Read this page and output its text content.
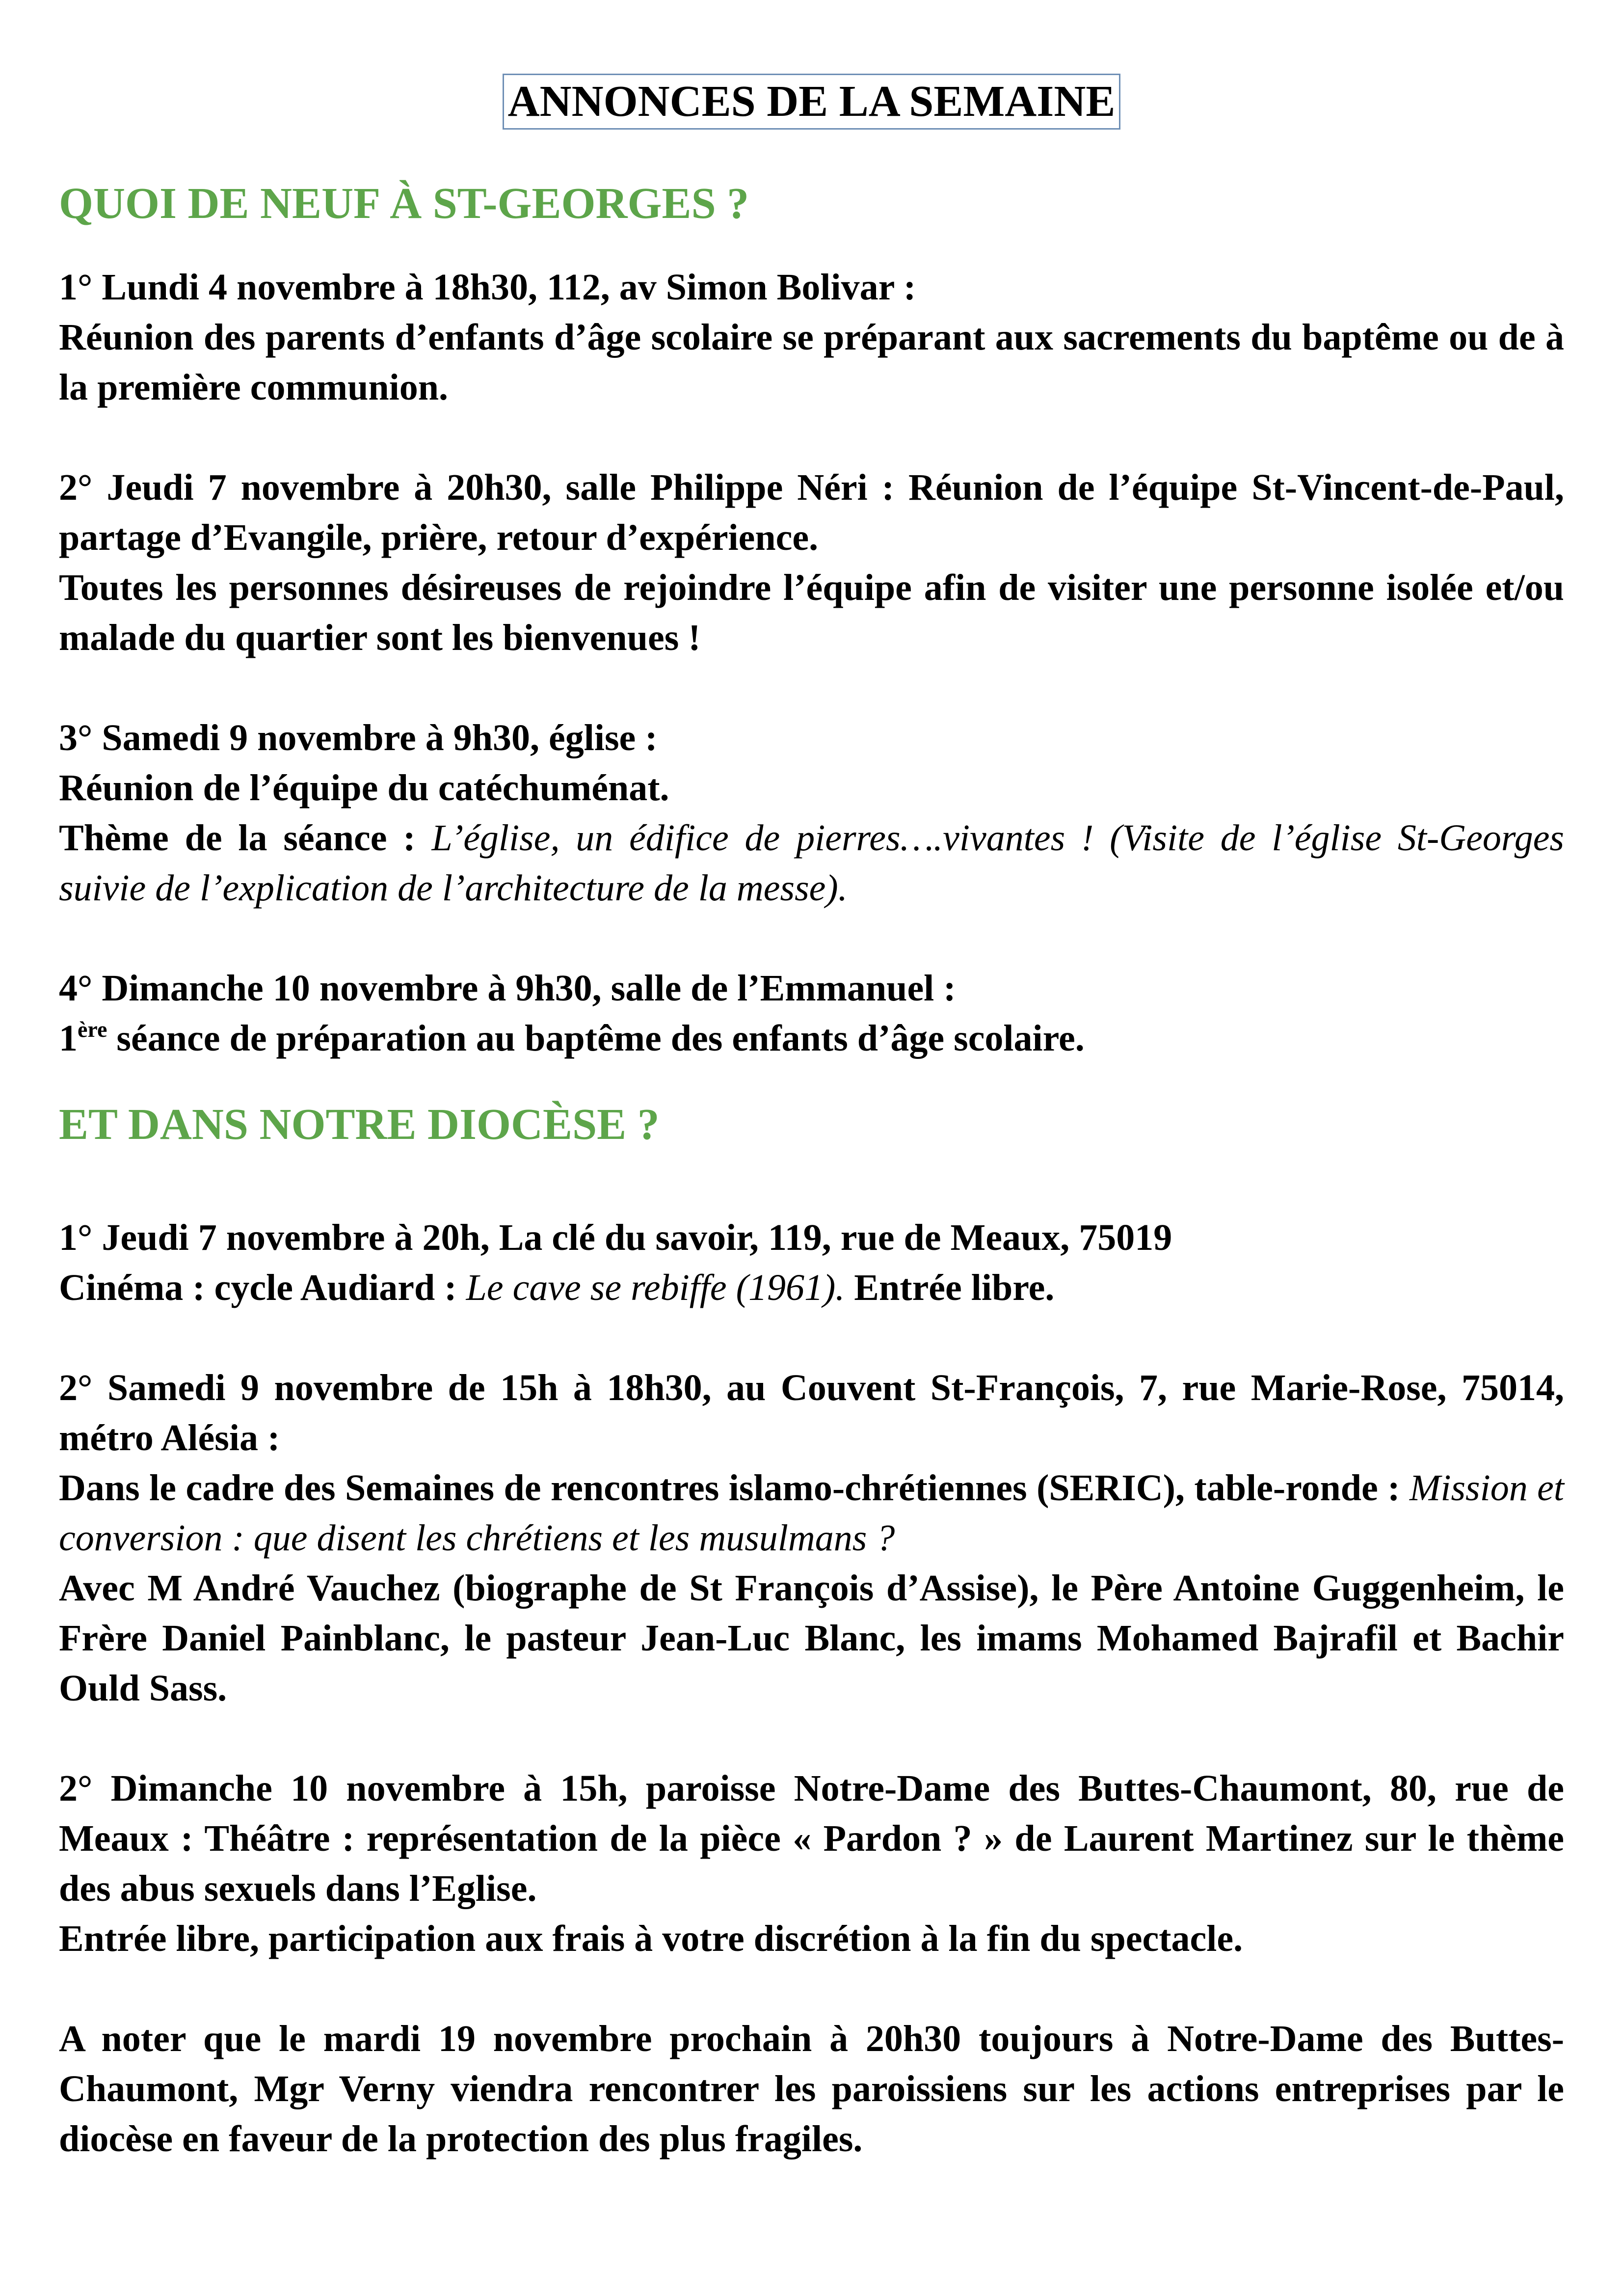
ANNONCES DE LA SEMAINE
QUOI DE NEUF À ST-GEORGES ?

1° Lundi 4 novembre à 18h30, 112, av Simon Bolivar :

Réunion des parents d’enfants d’âge scolaire se préparant aux sacrements du baptême ou de à la première communion.

2° Jeudi 7 novembre à 20h30, salle Philippe Néri : Réunion de l’équipe St-Vincent-de-Paul, partage d’Evangile, prière, retour d’expérience.

Toutes les personnes désireuses de rejoindre l’équipe afin de visiter une personne isolée et/ou malade du quartier sont les bienvenues !

3° Samedi 9 novembre à 9h30, église :

Réunion de l’équipe du catéchuménat.

Thème de la séance : L’église, un édifice de pierres….vivantes ! (Visite de l’église St-Georges suivie de l’explication de l’architecture de la messe).

4° Dimanche 10 novembre à 9h30, salle de l’Emmanuel :

1ère séance de préparation au baptême des enfants d’âge scolaire.

ET DANS NOTRE DIOCÈSE ?

1° Jeudi 7 novembre à 20h, La clé du savoir, 119, rue de Meaux, 75019

Cinéma : cycle Audiard : Le cave se rebiffe (1961). Entrée libre.

2° Samedi 9 novembre de 15h à 18h30, au Couvent St-François, 7, rue Marie-Rose, 75014, métro Alésia :

Dans le cadre des Semaines de rencontres islamo-chrétiennes (SERIC), table-ronde : Mission et conversion : que disent les chrétiens et les musulmans ?

Avec M André Vauchez (biographe de St François d’Assise), le Père Antoine Guggenheim, le Frère Daniel Painblanc, le pasteur Jean-Luc Blanc, les imams Mohamed Bajrafil et Bachir Ould Sass.

2° Dimanche 10 novembre à 15h, paroisse Notre-Dame des Buttes-Chaumont, 80, rue de Meaux : Théâtre : représentation de la pièce « Pardon ? » de Laurent Martinez sur le thème des abus sexuels dans l’Eglise.

Entrée libre, participation aux frais à votre discrétion à la fin du spectacle.

A noter que le mardi 19 novembre prochain à 20h30 toujours à Notre-Dame des Buttes-Chaumont, Mgr Verny viendra rencontrer les paroissiens sur les actions entreprises par le diocèse en faveur de la protection des plus fragiles.
